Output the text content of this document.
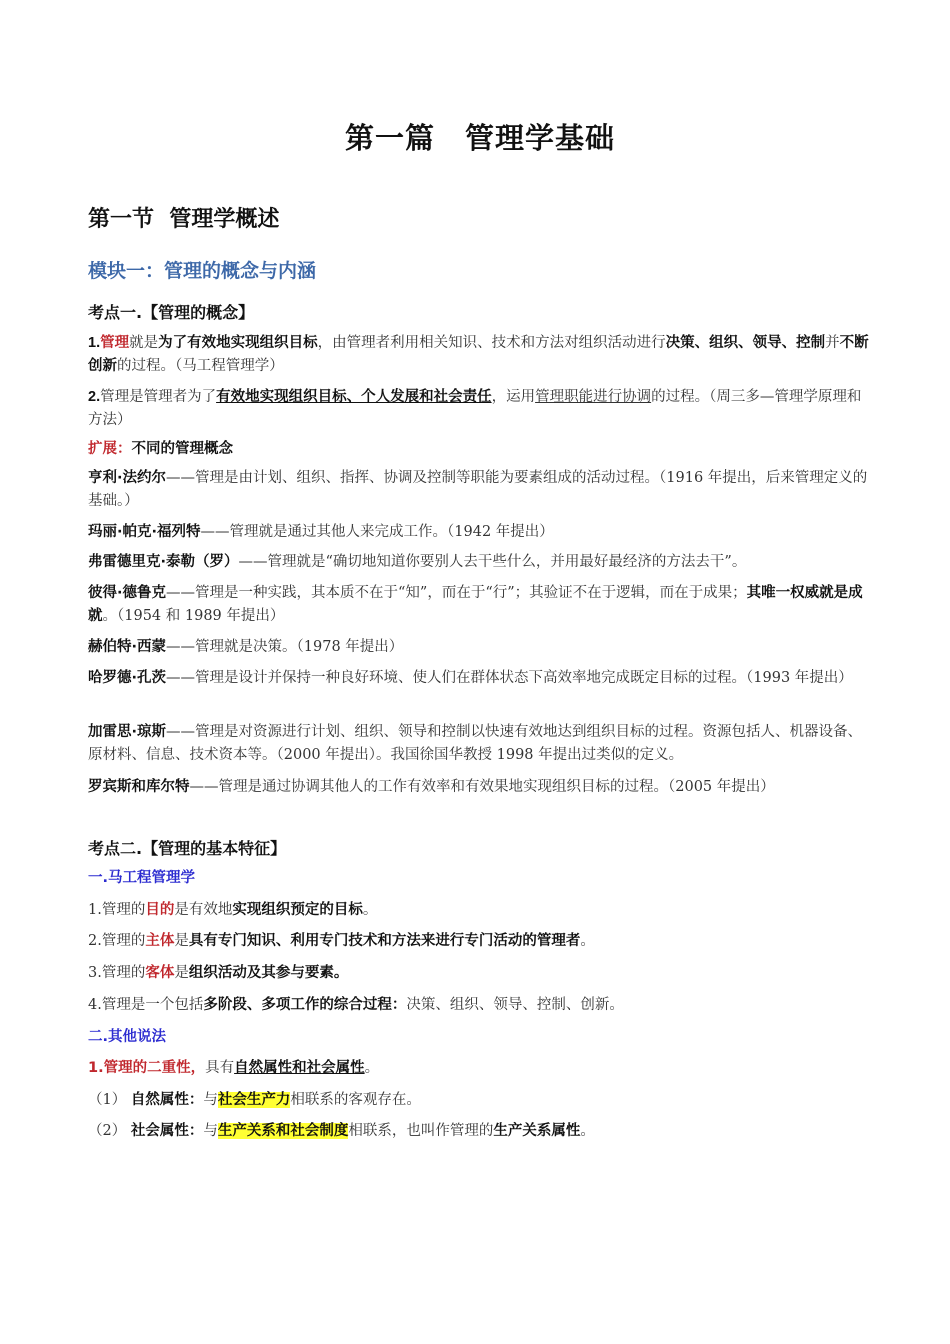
第一篇　管理学基础
第一节  管理学概述
模块一：管理的概念与内涵
考点一.【管理的概念】
1.管理就是为了有效地实现组织目标，由管理者利用相关知识、技术和方法对组织活动进行决策、组织、领导、控制并不断创新的过程。（马工程管理学）
2.管理是管理者为了有效地实现组织目标、个人发展和社会责任，运用管理职能进行协调的过程。（周三多—管理学原理和方法）
扩展：不同的管理概念
亨利·法约尔——管理是由计划、组织、指挥、协调及控制等职能为要素组成的活动过程。（1916 年提出，后来管理定义的基础。）
玛丽·帕克·福列特——管理就是通过其他人来完成工作。（1942 年提出）
弗雷德里克·泰勒（罗）——管理就是“确切地知道你要别人去干些什么，并用最好最经济的方法去干”。
彼得·德鲁克——管理是一种实践，其本质不在于“知”，而在于“行”；其验证不在于逻辑，而在于成果；其唯一权威就是成就。（1954 和 1989 年提出）
赫伯特·西蒙——管理就是决策。（1978 年提出）
哈罗德·孔茨——管理是设计并保持一种良好环境、使人们在群体状态下高效率地完成既定目标的过程。（1993 年提出）
加雷思·琼斯——管理是对资源进行计划、组织、领导和控制以快速有效地达到组织目标的过程。资源包括人、机器设备、原材料、信息、技术资本等。（2000 年提出）。我国徐国华教授 1998 年提出过类似的定义。
罗宾斯和库尔特——管理是通过协调其他人的工作有效率和有效果地实现组织目标的过程。（2005 年提出）
考点二.【管理的基本特征】
一.马工程管理学
1.管理的目的是有效地实现组织预定的目标。
2.管理的主体是具有专门知识、利用专门技术和方法来进行专门活动的管理者。
3.管理的客体是组织活动及其参与要素。
4.管理是一个包括多阶段、多项工作的综合过程：决策、组织、领导、控制、创新。
二.其他说法
1.管理的二重性，具有自然属性和社会属性。
（1） 自然属性：与社会生产力相联系的客观存在。
（2） 社会属性：与生产关系和社会制度相联系，也叫作管理的生产关系属性。
